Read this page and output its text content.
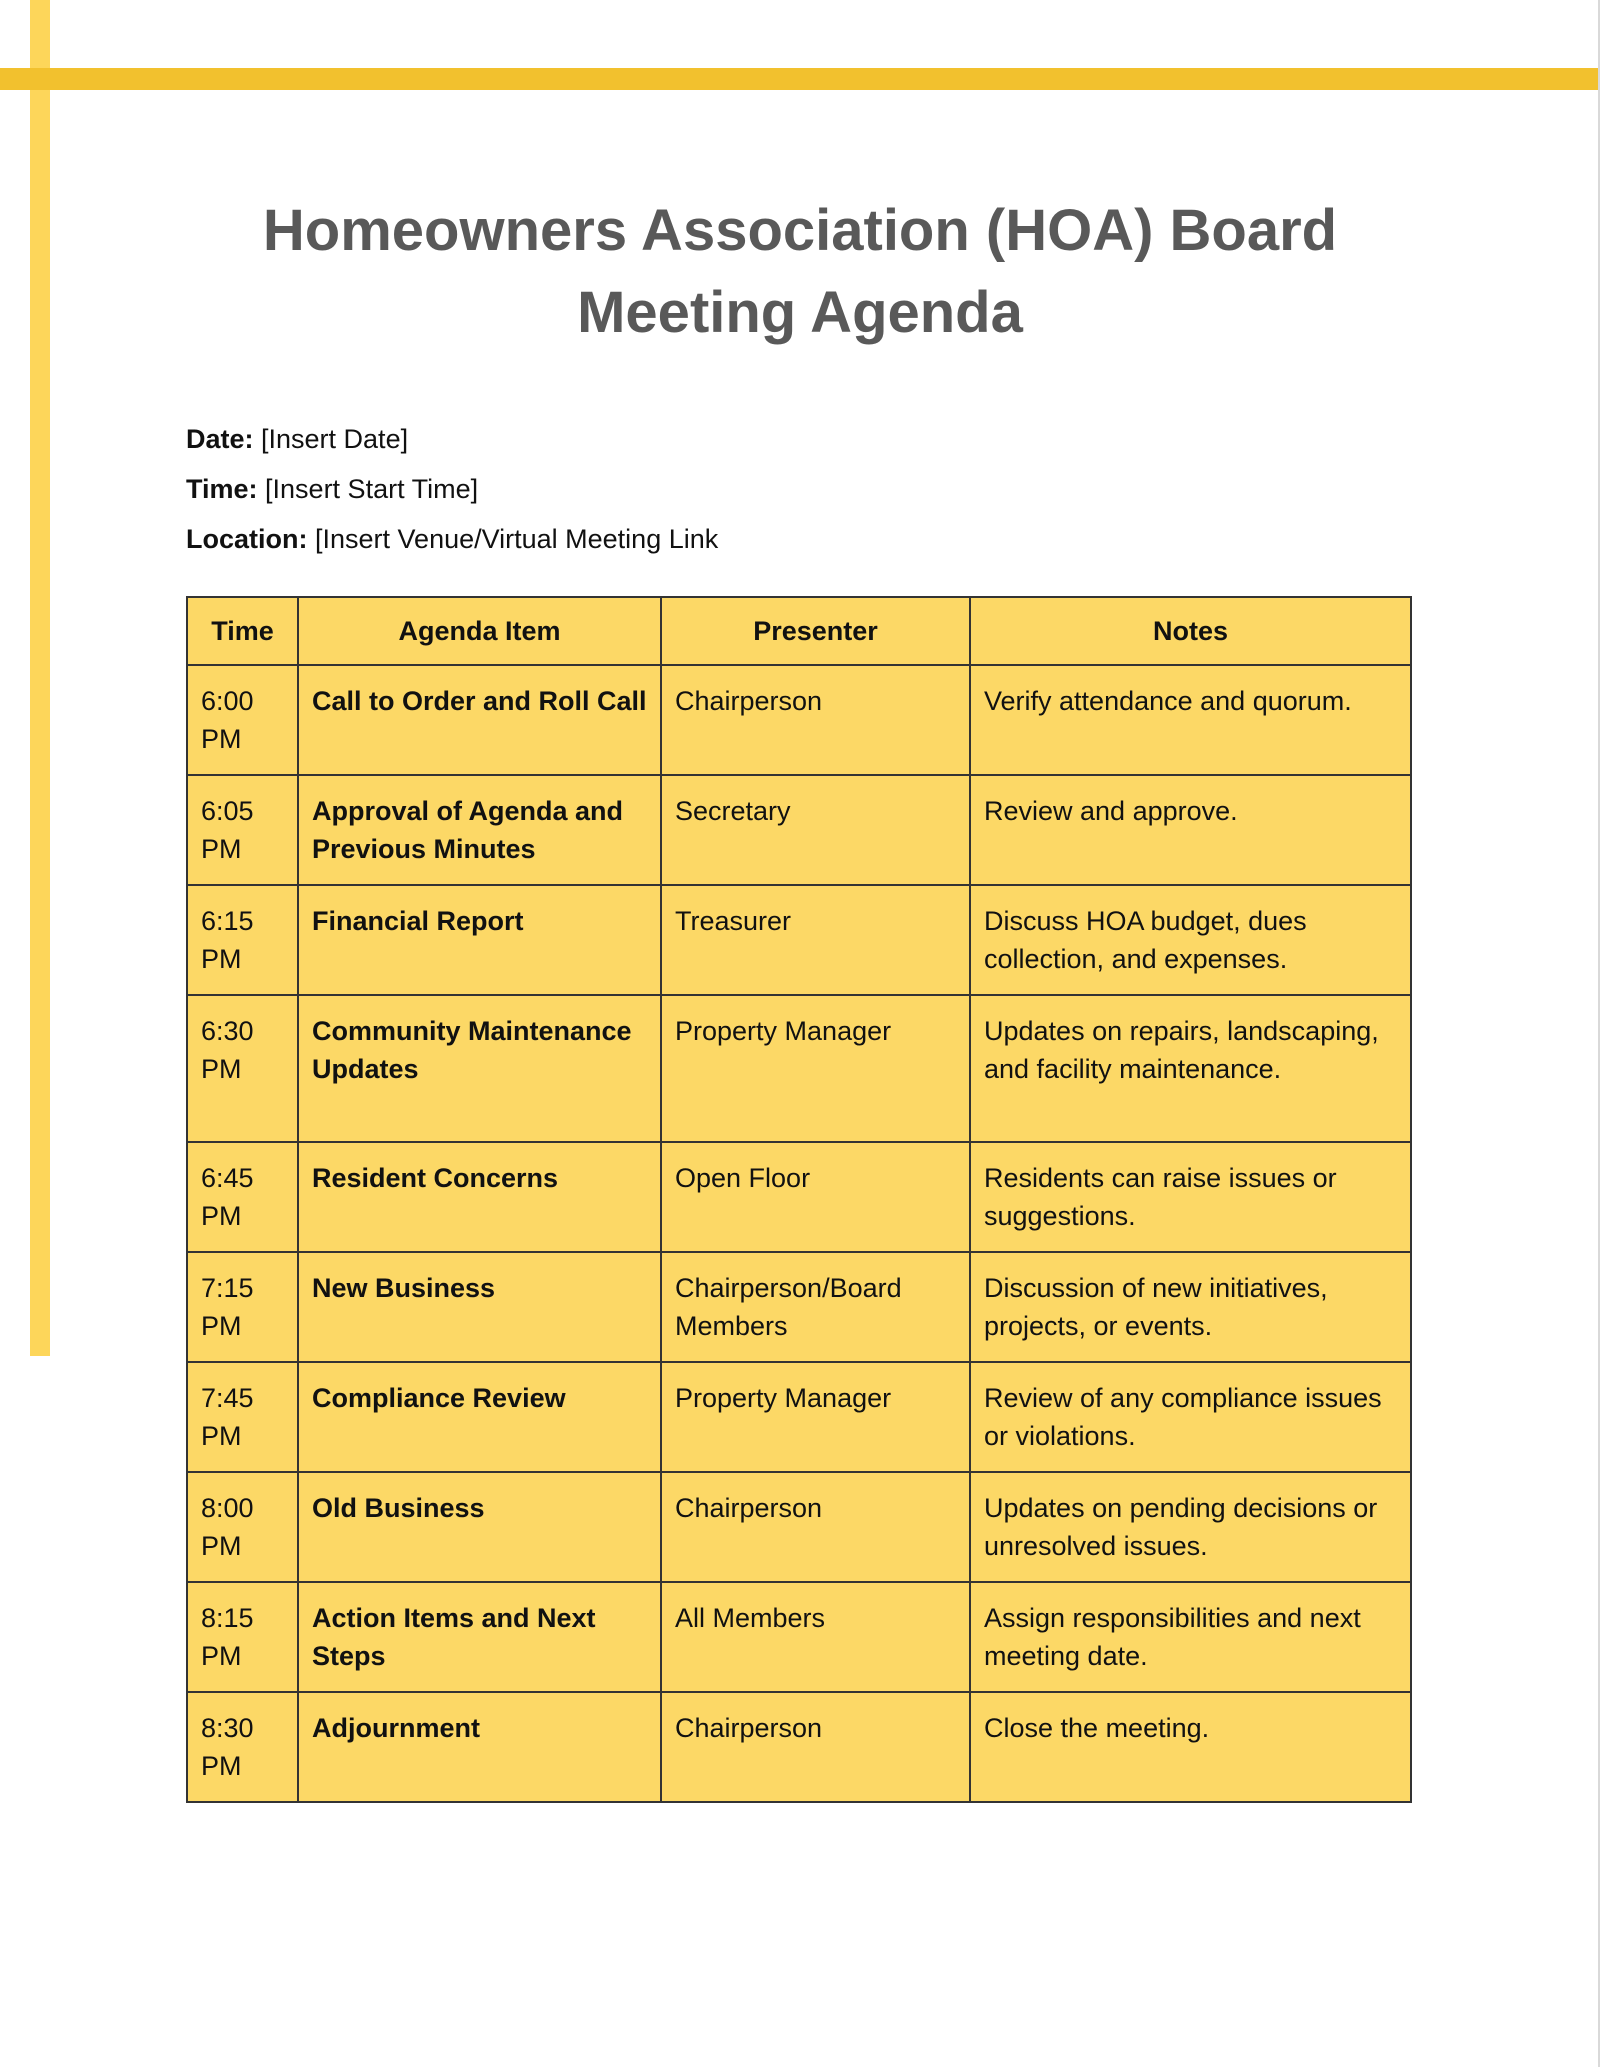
Homeowners Association (HOA) Board
Meeting Agenda
Date: [Insert Date]
Time: [Insert Start Time]
Location: [Insert Venue/Virtual Meeting Link
Time	Agenda Item	Presenter	Notes
6:00 PM	Call to Order and Roll Call	Chairperson	Verify attendance and quorum.
6:05 PM	Approval of Agenda and Previous Minutes	Secretary	Review and approve.
6:15 PM	Financial Report	Treasurer	Discuss HOA budget, dues collection, and expenses.
6:30 PM	Community Maintenance Updates	Property Manager	Updates on repairs, landscaping, and facility maintenance.
6:45 PM	Resident Concerns	Open Floor	Residents can raise issues or suggestions.
7:15 PM	New Business	Chairperson/Board Members	Discussion of new initiatives, projects, or events.
7:45 PM	Compliance Review	Property Manager	Review of any compliance issues or violations.
8:00 PM	Old Business	Chairperson	Updates on pending decisions or unresolved issues.
8:15 PM	Action Items and Next Steps	All Members	Assign responsibilities and next meeting date.
8:30 PM	Adjournment	Chairperson	Close the meeting.
